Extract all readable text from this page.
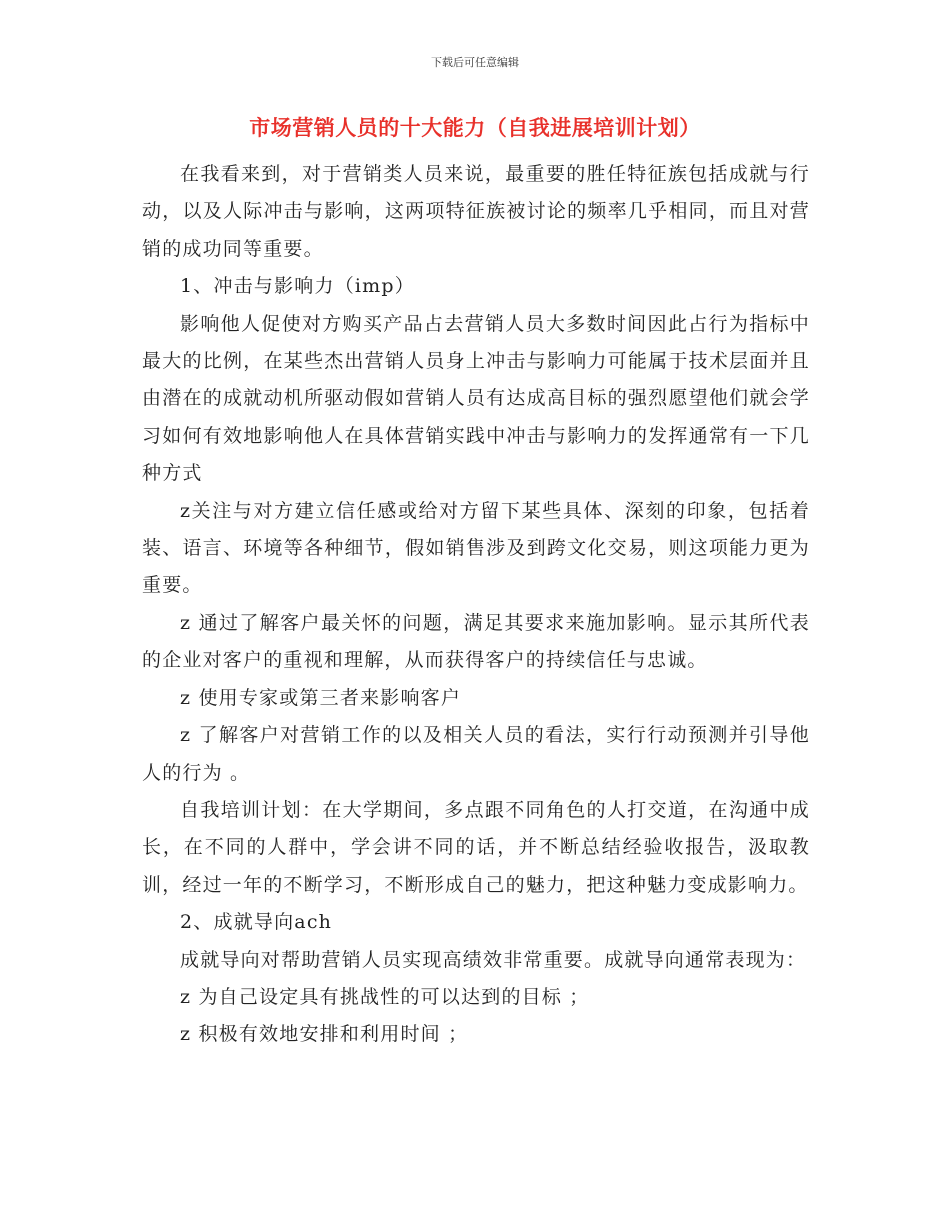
下载后可任意编辑
市场营销人员的十大能力（自我进展培训计划）

在我看来到，对于营销类人员来说，最重要的胜任特征族包括成就与行动，以及人际冲击与影响，这两项特征族被讨论的频率几乎相同，而且对营销的成功同等重要。

1、冲击与影响力（imp）

影响他人促使对方购买产品占去营销人员大多数时间因此占行为指标中最大的比例，在某些杰出营销人员身上冲击与影响力可能属于技术层面并且由潜在的成就动机所驱动假如营销人员有达成高目标的强烈愿望他们就会学习如何有效地影响他人在具体营销实践中冲击与影响力的发挥通常有一下几种方式

z关注与对方建立信任感或给对方留下某些具体、深刻的印象，包括着装、语言、环境等各种细节，假如销售涉及到跨文化交易，则这项能力更为重要。

z 通过了解客户最关怀的问题，满足其要求来施加影响。显示其所代表的企业对客户的重视和理解，从而获得客户的持续信任与忠诚。

z 使用专家或第三者来影响客户

z 了解客户对营销工作的以及相关人员的看法，实行行动预测并引导他人的行为 。

自我培训计划：在大学期间，多点跟不同角色的人打交道，在沟通中成长，在不同的人群中，学会讲不同的话，并不断总结经验收报告，汲取教训，经过一年的不断学习，不断形成自己的魅力，把这种魅力变成影响力。

2、成就导向ach

成就导向对帮助营销人员实现高绩效非常重要。成就导向通常表现为：

z 为自己设定具有挑战性的可以达到的目标 ；

z 积极有效地安排和利用时间 ；
